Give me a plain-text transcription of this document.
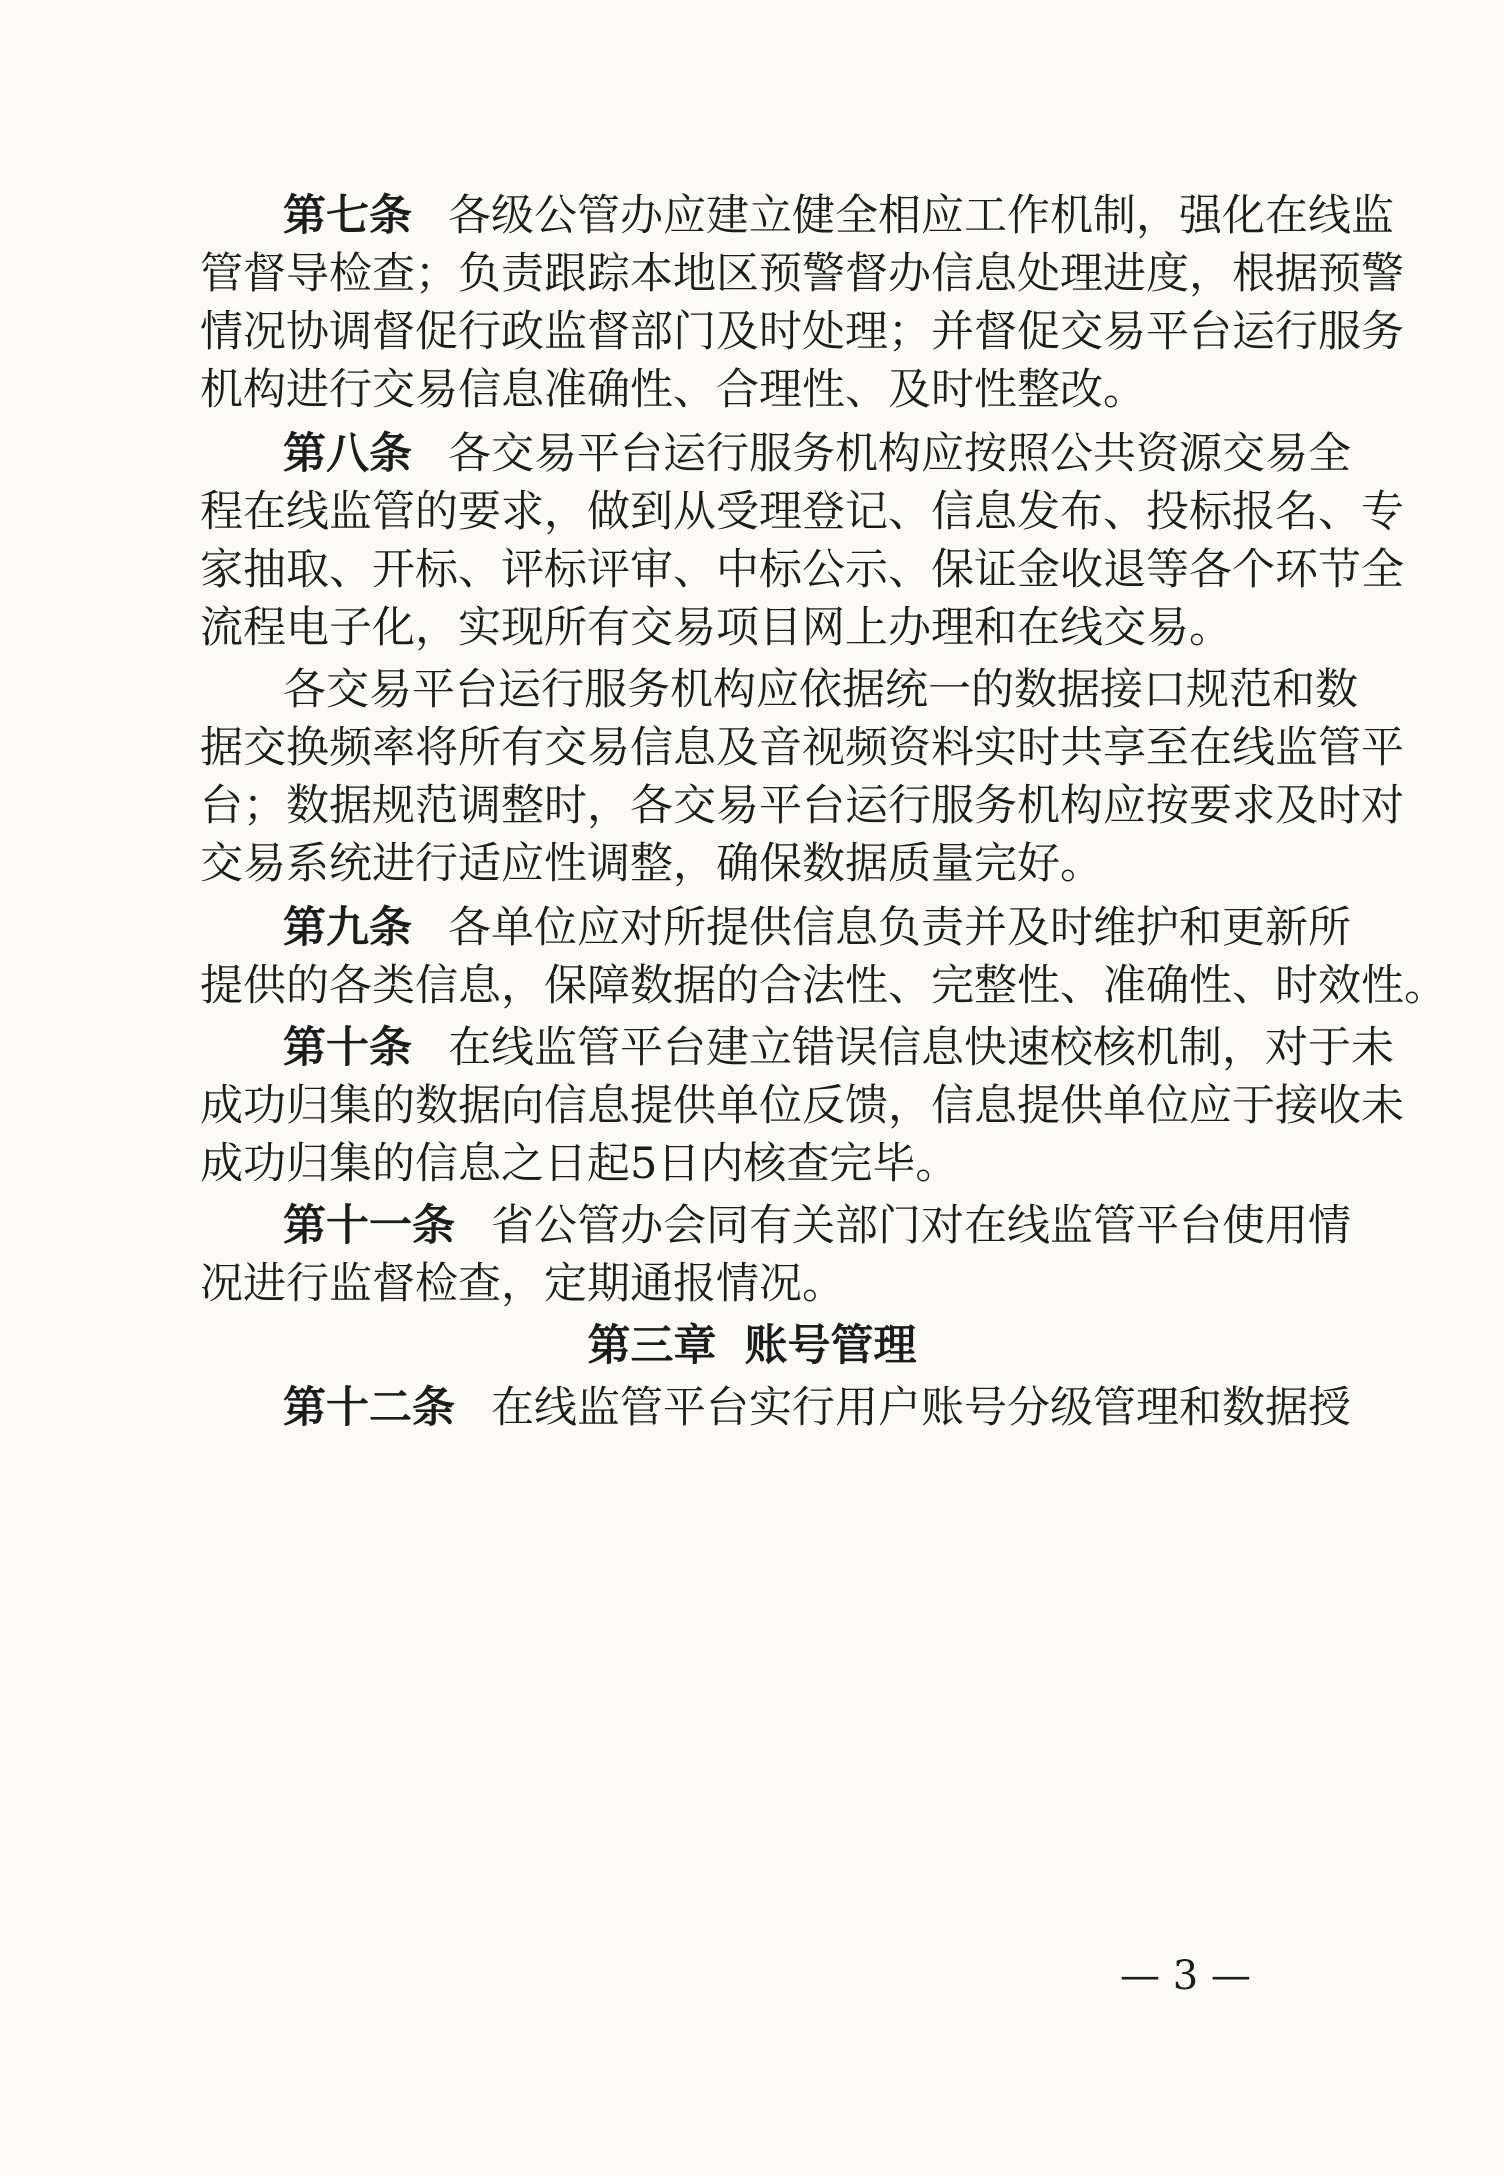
第七条 各级公管办应建立健全相应工作机制，强化在线监
管督导检查；负责跟踪本地区预警督办信息处理进度，根据预警
情况协调督促行政监督部门及时处理；并督促交易平台运行服务
机构进行交易信息准确性、合理性、及时性整改。
第八条 各交易平台运行服务机构应按照公共资源交易全
程在线监管的要求，做到从受理登记、信息发布、投标报名、专
家抽取、开标、评标评审、中标公示、保证金收退等各个环节全
流程电子化，实现所有交易项目网上办理和在线交易。
各交易平台运行服务机构应依据统一的数据接口规范和数
据交换频率将所有交易信息及音视频资料实时共享至在线监管平
台；数据规范调整时，各交易平台运行服务机构应按要求及时对
交易系统进行适应性调整，确保数据质量完好。
第九条 各单位应对所提供信息负责并及时维护和更新所
提供的各类信息，保障数据的合法性、完整性、准确性、时效性。
第十条 在线监管平台建立错误信息快速校核机制，对于未
成功归集的数据向信息提供单位反馈，信息提供单位应于接收未
成功归集的信息之日起5日内核查完毕。
第十一条 省公管办会同有关部门对在线监管平台使用情
况进行监督检查，定期通报情况。
第三章 账号管理
第十二条 在线监管平台实行用户账号分级管理和数据授
— 3 —
